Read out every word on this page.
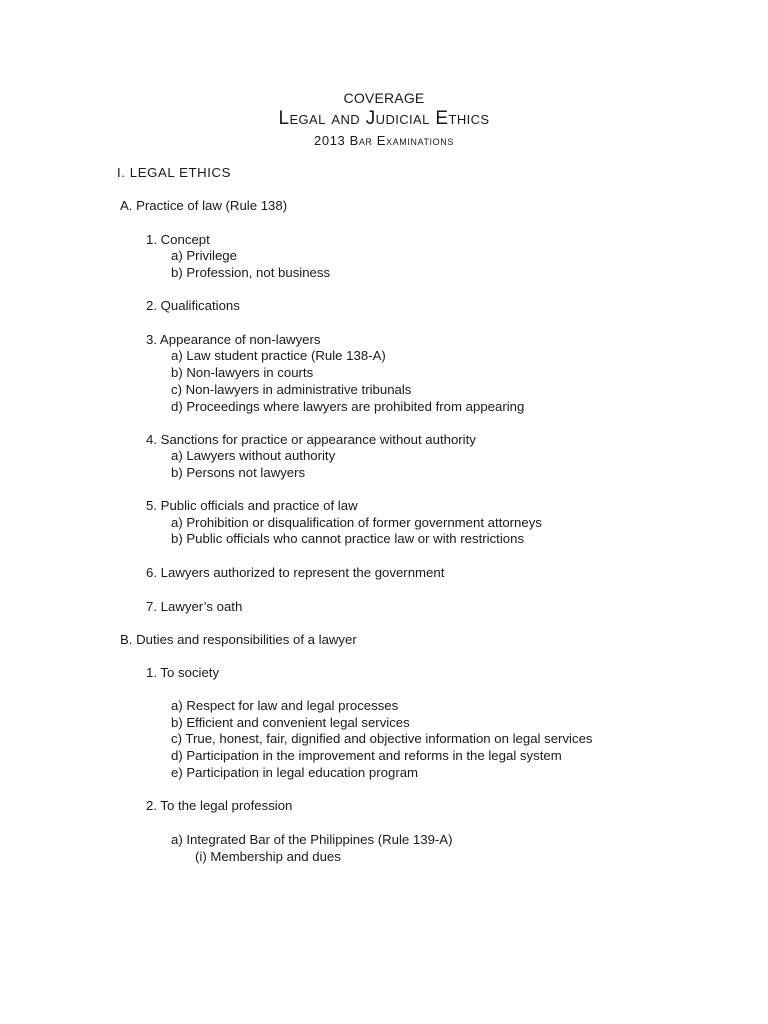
COVERAGE
Legal and Judicial Ethics
2013 Bar Examinations
I. LEGAL ETHICS
A. Practice of law (Rule 138)
1. Concept
a) Privilege
b) Profession, not business
2. Qualifications
3. Appearance of non-lawyers
a) Law student practice (Rule 138-A)
b) Non-lawyers in courts
c) Non-lawyers in administrative tribunals
d) Proceedings where lawyers are prohibited from appearing
4. Sanctions for practice or appearance without authority
a) Lawyers without authority
b) Persons not lawyers
5. Public officials and practice of law
a) Prohibition or disqualification of former government attorneys
b) Public officials who cannot practice law or with restrictions
6. Lawyers authorized to represent the government
7. Lawyer’s oath
B. Duties and responsibilities of a lawyer
1. To society
a) Respect for law and legal processes
b) Efficient and convenient legal services
c) True, honest, fair, dignified and objective information on legal services
d) Participation in the improvement and reforms in the legal system
e) Participation in legal education program
2. To the legal profession
a) Integrated Bar of the Philippines (Rule 139-A)
(i) Membership and dues
